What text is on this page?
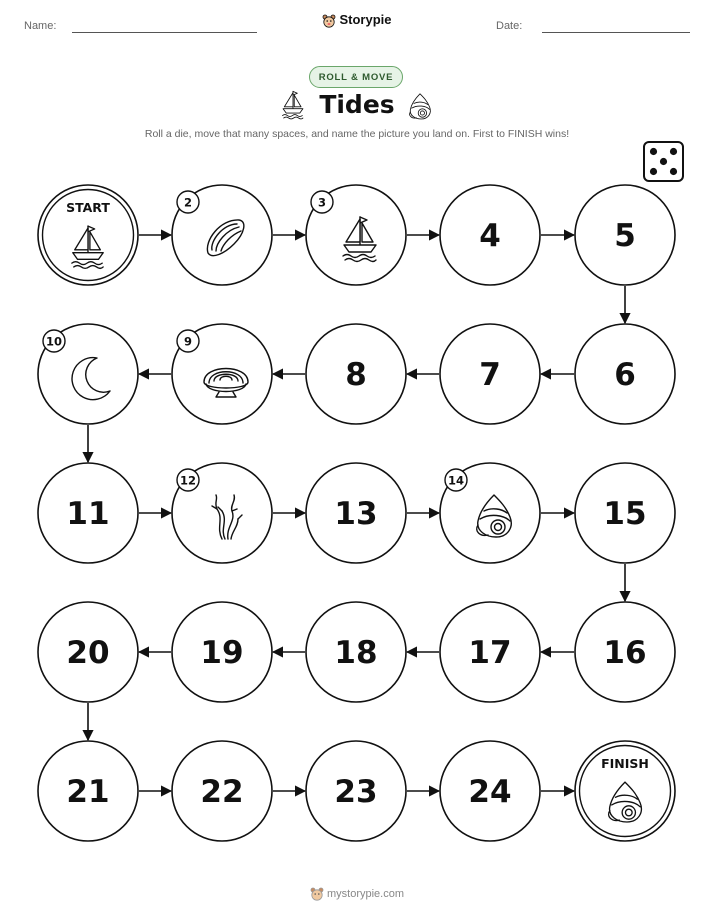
Name:	Storypie	Date:
ROLL & MOVE
START	2	3
4	5
6
7
8
9
10
11
12
13
14
15
16
17
18
19
20
21	22	23	24
FINISH
Tides
Roll a die, move that many spaces, and name the picture you land on. First to FINISH wins!
mystorypie.com
